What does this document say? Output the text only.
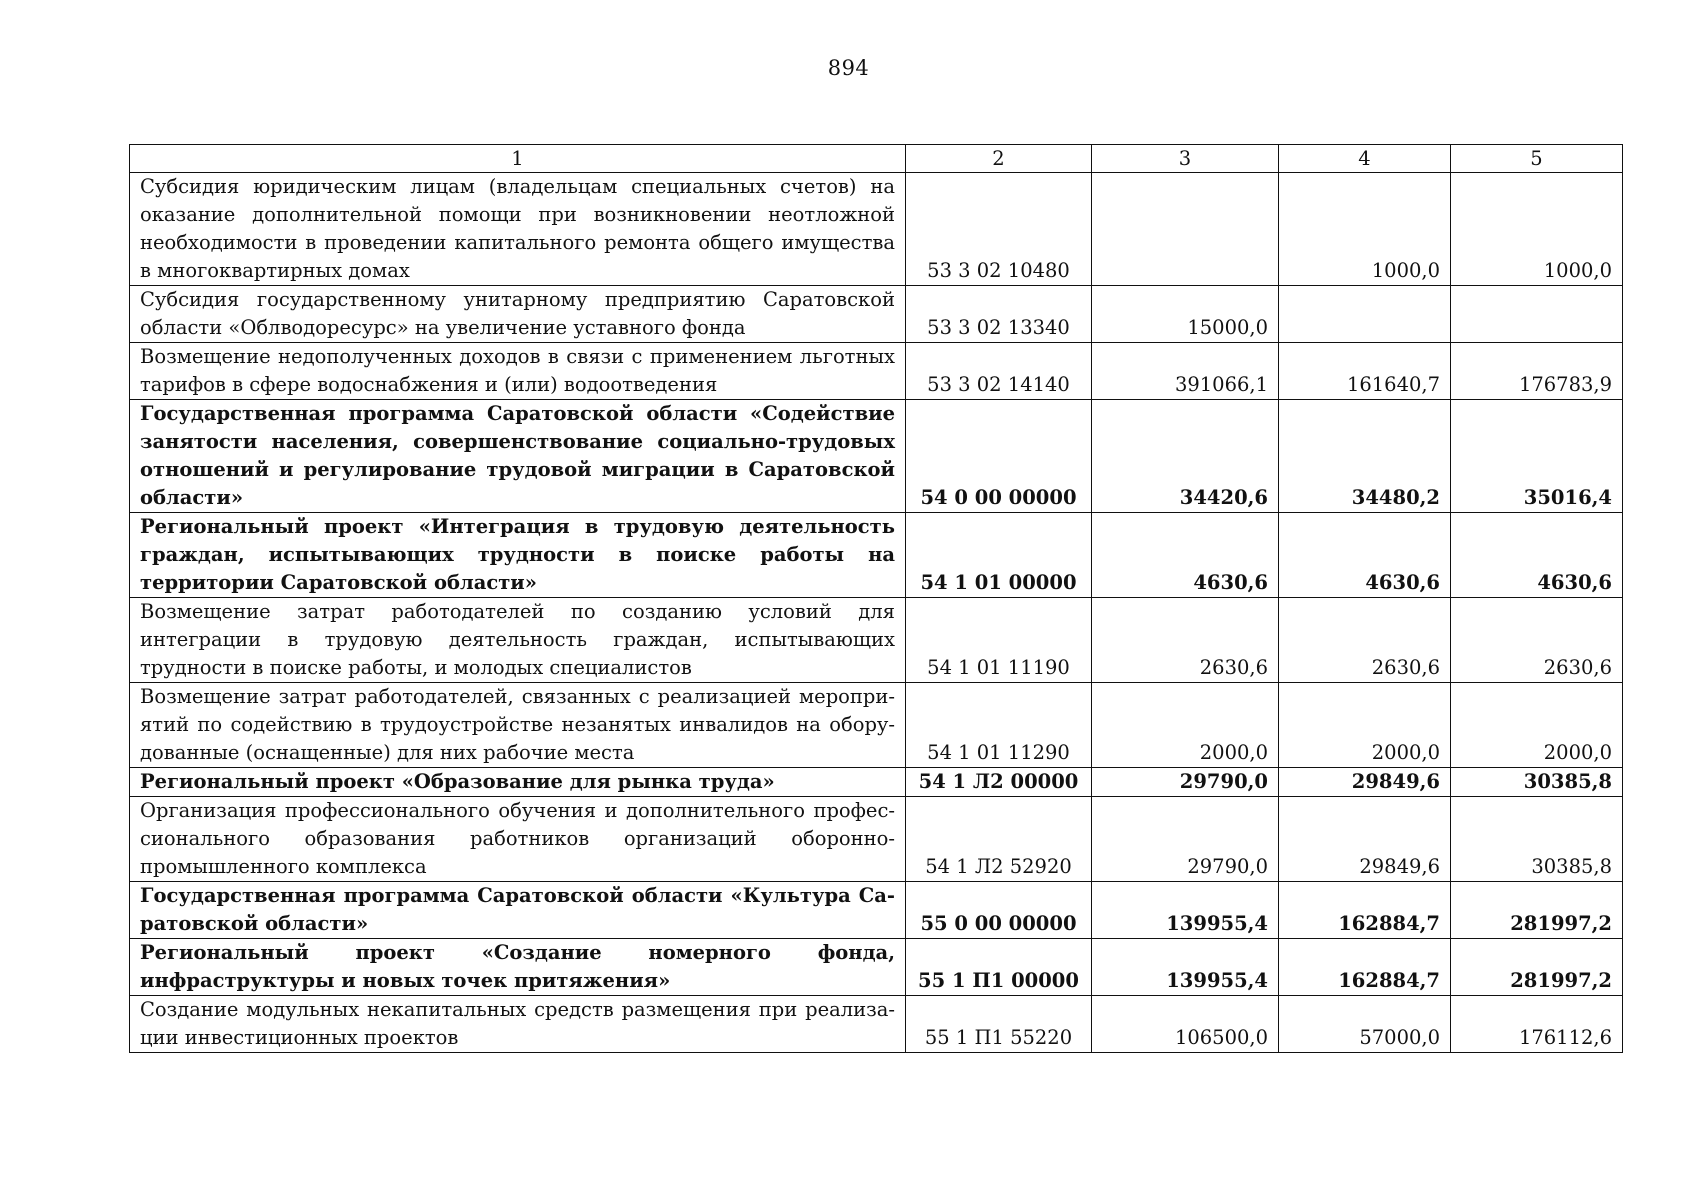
894
1	2	3	4	5
Субсидия юридическим лицам (владельцам специальных счетов) на оказание дополнительной помощи при возникновении неотложной необходимости в проведении капитального ремонта общего имущества в многоквартирных домах	53 3 02 10480		1000,0	1000,0
Субсидия государственному унитарному предприятию Саратовской области «Облводоресурс» на увеличение уставного фонда	53 3 02 13340	15000,0		
Возмещение недополученных доходов в связи с применением льготных тарифов в сфере водоснабжения и (или) водоотведения	53 3 02 14140	391066,1	161640,7	176783,9
Государственная программа Саратовской области «Содействие занятости населения, совершенствование социально-трудовых отношений и регулирование трудовой миграции в Саратовской области»	54 0 00 00000	34420,6	34480,2	35016,4
Региональный проект «Интеграция в трудовую деятельность граждан, испытывающих трудности в поиске работы на территории Саратовской области»	54 1 01 00000	4630,6	4630,6	4630,6
Возмещение затрат работодателей по созданию условий для интеграции в трудовую деятельность граждан, испытывающих трудности в поиске работы, и молодых специалистов	54 1 01 11190	2630,6	2630,6	2630,6
Возмещение затрат работодателей, связанных с реализацией мероприятий по содействию в трудоустройстве незанятых инвалидов на оборудованные (оснащенные) для них рабочие места	54 1 01 11290	2000,0	2000,0	2000,0
Региональный проект «Образование для рынка труда»	54 1 Л2 00000	29790,0	29849,6	30385,8
Организация профессионального обучения и дополнительного профессионального образования работников организаций оборонно-промышленного комплекса	54 1 Л2 52920	29790,0	29849,6	30385,8
Государственная программа Саратовской области «Культура Саратовской области»	55 0 00 00000	139955,4	162884,7	281997,2
Региональный проект «Создание номерного фонда, инфраструктуры и новых точек притяжения»	55 1 П1 00000	139955,4	162884,7	281997,2
Создание модульных некапитальных средств размещения при реализации инвестиционных проектов	55 1 П1 55220	106500,0	57000,0	176112,6
